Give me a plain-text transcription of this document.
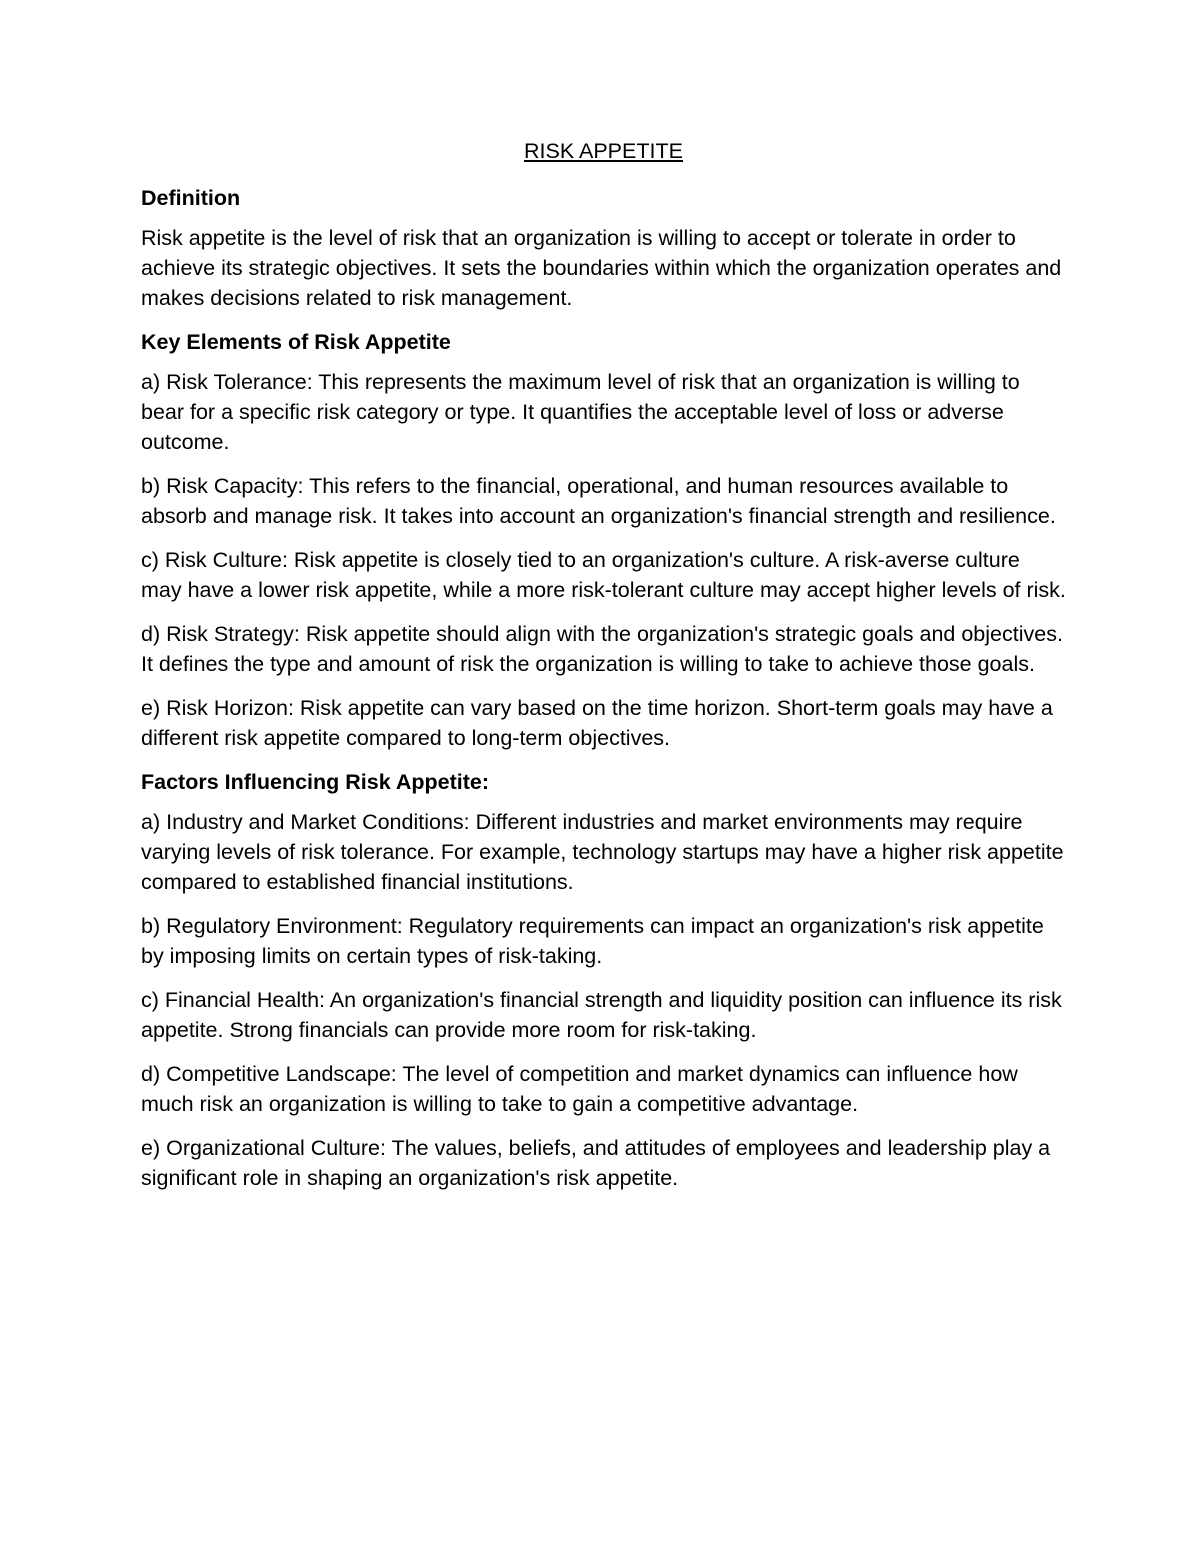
RISK APPETITE
Definition

Risk appetite is the level of risk that an organization is willing to accept or tolerate in order to achieve its strategic objectives. It sets the boundaries within which the organization operates and makes decisions related to risk management.

Key Elements of Risk Appetite

a) Risk Tolerance: This represents the maximum level of risk that an organization is willing to bear for a specific risk category or type. It quantifies the acceptable level of loss or adverse outcome.

b) Risk Capacity: This refers to the financial, operational, and human resources available to absorb and manage risk. It takes into account an organization's financial strength and resilience.

c) Risk Culture: Risk appetite is closely tied to an organization's culture. A risk-averse culture may have a lower risk appetite, while a more risk-tolerant culture may accept higher levels of risk.

d) Risk Strategy: Risk appetite should align with the organization's strategic goals and objectives. It defines the type and amount of risk the organization is willing to take to achieve those goals.

e) Risk Horizon: Risk appetite can vary based on the time horizon. Short-term goals may have a different risk appetite compared to long-term objectives.

Factors Influencing Risk Appetite:

a) Industry and Market Conditions: Different industries and market environments may require varying levels of risk tolerance. For example, technology startups may have a higher risk appetite compared to established financial institutions.

b) Regulatory Environment: Regulatory requirements can impact an organization's risk appetite by imposing limits on certain types of risk-taking.

c) Financial Health: An organization's financial strength and liquidity position can influence its risk appetite. Strong financials can provide more room for risk-taking.

d) Competitive Landscape: The level of competition and market dynamics can influence how much risk an organization is willing to take to gain a competitive advantage.

e) Organizational Culture: The values, beliefs, and attitudes of employees and leadership play a significant role in shaping an organization's risk appetite.
